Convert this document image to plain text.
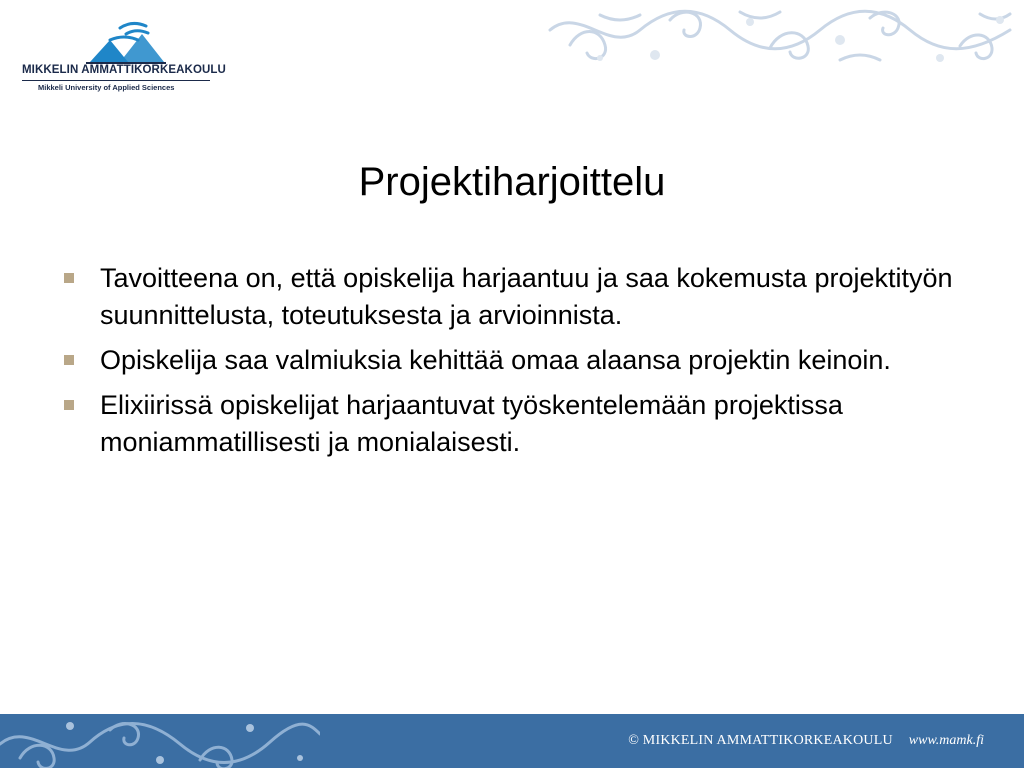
MIKKELIN AMMATTIKORKEAKOULU
Mikkeli University of Applied Sciences
Projektiharjoittelu
Tavoitteena on, että opiskelija harjaantuu ja saa kokemusta projektityön suunnittelusta, toteutuksesta ja arvioinnista.
Opiskelija saa valmiuksia kehittää omaa alaansa projektin keinoin.
Elixiirissä opiskelijat harjaantuvat työskentelemään projektissa moniammatillisesti ja monialaisesti.
© MIKKELIN AMMATTIKORKEAKOULU www.mamk.fi
